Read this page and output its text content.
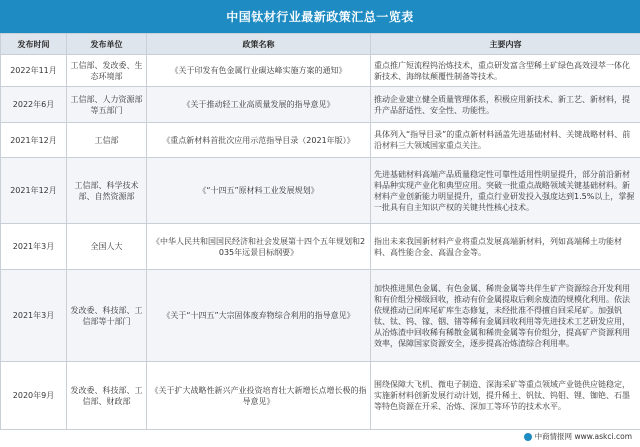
中国钛材行业最新政策汇总一览表
发布时间	发布单位	政策名称	主要内容
2022年11月	工信部、发改委、生态环境部	《关于印发有色金属行业碳达峰实施方案的通知》	重点推广短流程钨治炼技术，重点研发富含型稀土矿绿色高效浸萃一体化新技术、海绵钛颠覆性制备等技术。
2022年6月	工信部、人力资源部等五部门	《关于推动轻工业高质量发展的指导意见》	推动企业建立健全质量管理体系，积极应用新技术、新工艺、新材料，提升产品舒适性、安全性、功能性。
2021年12月	工信部	《重点新材料首批次应用示范指导目录（2021年版）》	具体列入“指导目录”的重点新材料涵盖先进基础材料、关键战略材料、前沿材料三大领域国家重点关注。
2021年12月	工信部、科学技术部、自然资源部	《“十四五”原材料工业发展规划》	先进基础材料高端产品质量稳定性可靠性适用性明显提升，部分前沿新材料品种实现产业化和典型应用。突破一批重点战略领域关键基础材料。新材料产业创新能力明显提升，重点行业研发投入强度达到1.5%以上，掌握一批具有自主知识产权的关键共性核心技术。
2021年3月	全国人大	《中华人民共和国国民经济和社会发展第十四个五年规划和2035年远景目标纲要》	指出未来我国新材料产业将重点发展高端新材料，列如高端稀土功能材料、高性能合金、高温合金等。
2021年3月	发改委、科技部、工信部等十部门	《关于“十四五”大宗固体废弃物综合利用的指导意见》	加快推进黑色金属、有色金属、稀贵金属等共伴生矿产资源综合开发利用和有价组分梯级回收，推动有价金属提取后剩余废渣的规模化利用。依法依规推动已闭库尾矿库生态修复，未经批准不得擅自回采尾矿。加强钒钛、钛、钨、镓、铟、锗等稀有金属回收利用等先进技术工艺研发应用，从冶炼渣中回收稀有稀散金属和稀贵金属等有价组分，提高矿产资源利用效率，保障国家资源安全，逐步提高冶炼渣综合利用率。
2020年9月	发改委、科技部、工信部、财政部	《关于扩大战略性新兴产业投资培育壮大新增长点增长极的指导意见》	围绕保障大飞机、微电子制造、深海采矿等重点领域产业链供应链稳定，实施新材料创新发展行动计划，提升稀土、钒钛、钨钼、锂、铷铯、石墨等特色资源在开采、冶炼、深加工等环节的技术水平。
中商情报网 www.askci.com
